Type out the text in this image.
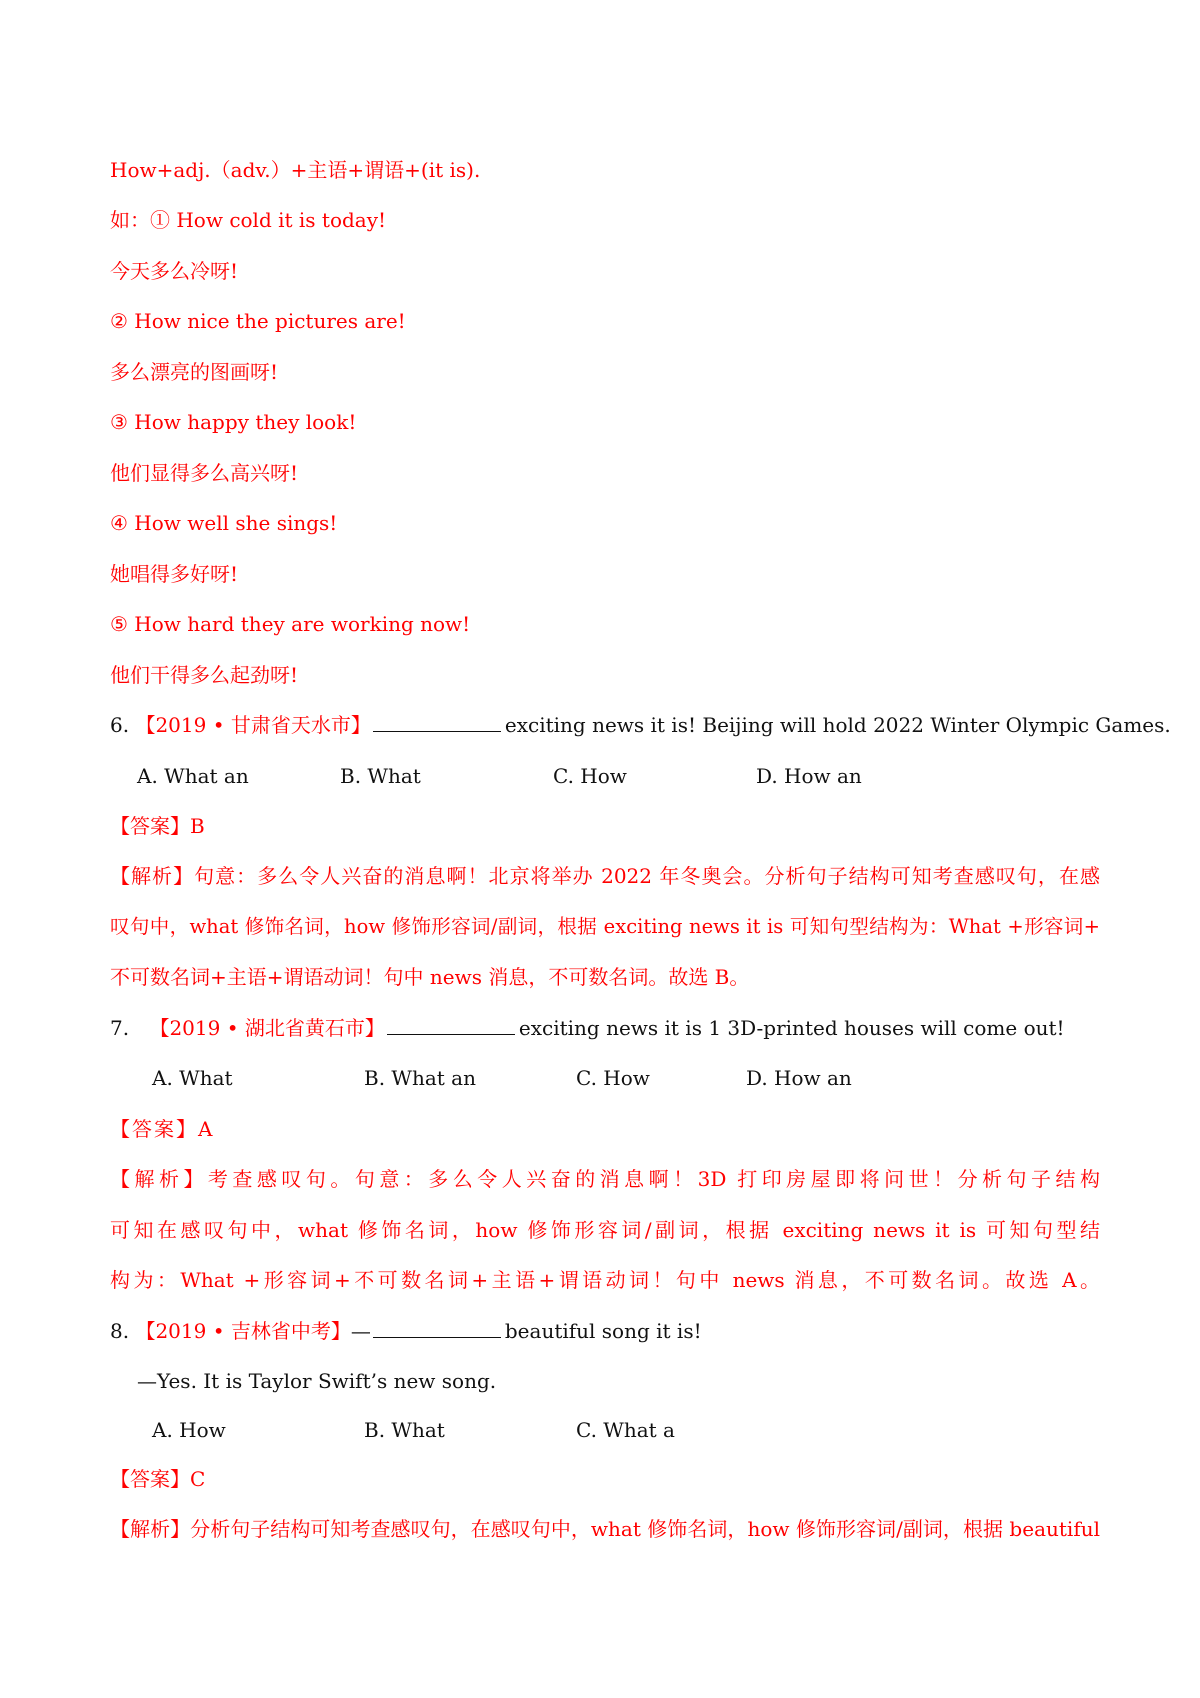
How+adj.（adv.）+主语+谓语+(it is).
如：① How cold it is today!
今天多么冷呀!
② How nice the pictures are!
多么漂亮的图画呀!
③ How happy they look!
他们显得多么高兴呀!
④ How well she sings!
她唱得多好呀!
⑤ How hard they are working now!
他们干得多么起劲呀!
6. 【2019 • 甘肃省天水市】	exciting news it is! Beijing will hold 2022 Winter Olympic Games.
A. What an	B. What	C. How	D. How an
【答案】B
【解析】句意：多么令人兴奋的消息啊！北京将举办 2022 年冬奥会。分析句子结构可知考查感叹句，在感
叹句中，what 修饰名词，how 修饰形容词/副词，根据 exciting news it is 可知句型结构为：What +形容词+
不可数名词+主语+谓语动词！句中 news 消息，不可数名词。故选 B。
7. 【2019 • 湖北省黄石市】	exciting news it is 1 3D-printed houses will come out!
A. What	B. What an	C. How	D. How an
【答案】A
【解析】考查感叹句。句意：多么令人兴奋的消息啊！3D 打印房屋即将问世！分析句子结构
可知在感叹句中，what 修饰名词，how 修饰形容词/副词，根据 exciting news it is 可知句型结
构为：What +形容词+不可数名词+主语+谓语动词！句中 news 消息，不可数名词。故选 A。
8. 【2019 • 吉林省中考】—	beautiful song it is!
—Yes. It is Taylor Swift’s new song.
A. How	B. What	C. What a
【答案】C
【解析】分析句子结构可知考查感叹句，在感叹句中，what 修饰名词，how 修饰形容词/副词，根据 beautiful
